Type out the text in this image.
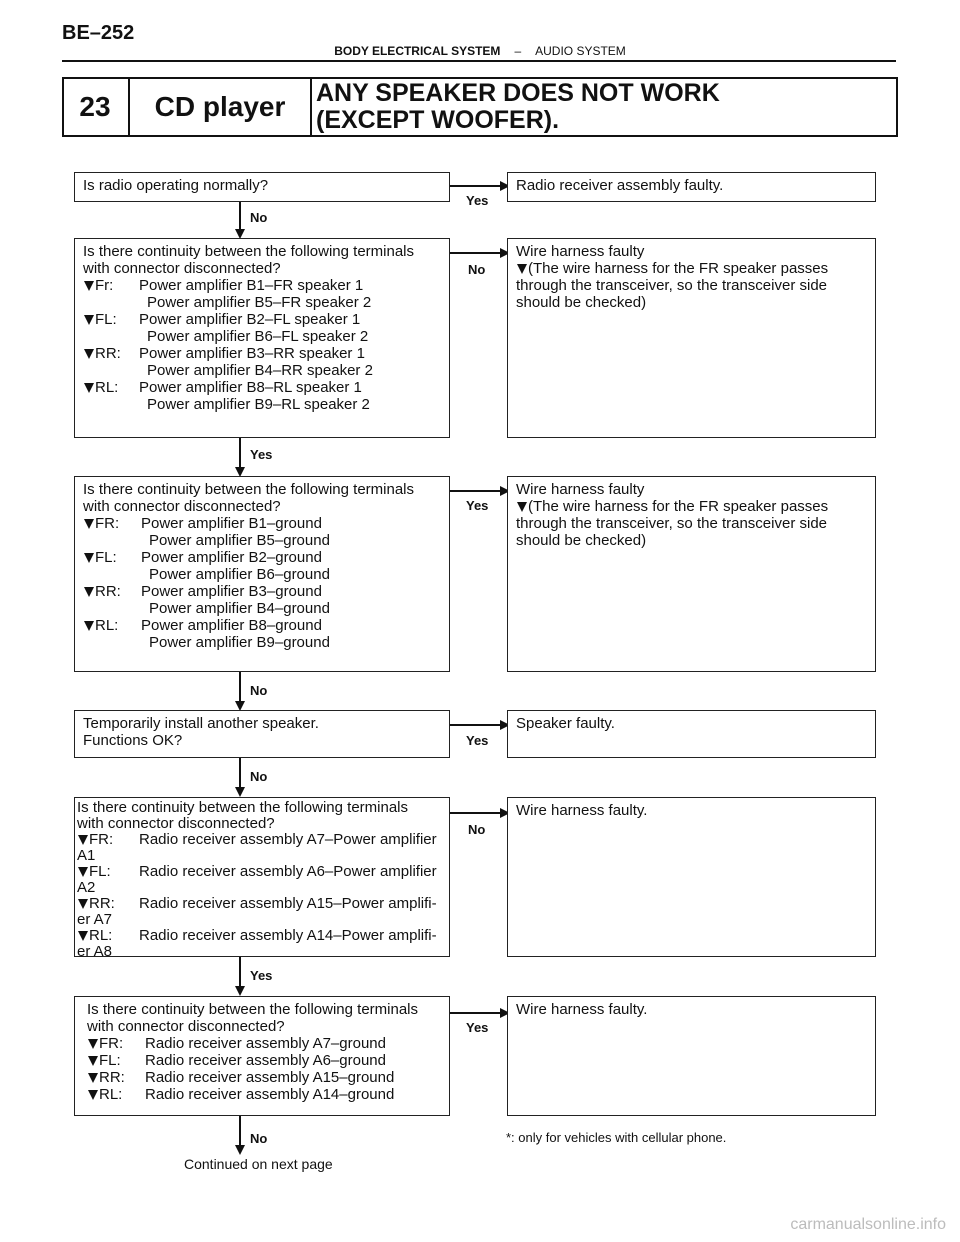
BE–252
BODY ELECTRICAL SYSTEM – AUDIO SYSTEM
23	CD player	ANY SPEAKER DOES NOT WORK
(EXCEPT WOOFER).
Is radio operating normally?
Yes
Radio receiver assembly faulty.
No
Is there continuity between the following terminals
with connector disconnected?
Fr:	Power amplifier B1–FR speaker 1
Power amplifier B5–FR speaker 2
FL:	Power amplifier B2–FL speaker 1
Power amplifier B6–FL speaker 2
RR:	Power amplifier B3–RR speaker 1
Power amplifier B4–RR speaker 2
RL:	Power amplifier B8–RL speaker 1
Power amplifier B9–RL speaker 2
No
Wire harness faulty
(The wire harness for the FR speaker passes
through the transceiver, so the transceiver side
should be checked)
Yes
Is there continuity between the following terminals
with connector disconnected?
FR:	Power amplifier B1–ground
Power amplifier B5–ground
FL:	Power amplifier B2–ground
Power amplifier B6–ground
RR:	Power amplifier B3–ground
Power amplifier B4–ground
RL:	Power amplifier B8–ground
Power amplifier B9–ground
Yes
Wire harness faulty
(The wire harness for the FR speaker passes
through the transceiver, so the transceiver side
should be checked)
No
Temporarily install another speaker.
Functions OK?	Yes
Speaker faulty.
No
Is there continuity between the following terminals
with connector disconnected?
FR:	Radio receiver assembly A7–Power amplifier
A1
FL:	Radio receiver assembly A6–Power amplifier
A2
RR:	Radio receiver assembly A15–Power amplifi-
er A7
RL:	Radio receiver assembly A14–Power amplifi-
er A8
No
Wire harness faulty.
Yes
Is there continuity between the following terminals
with connector disconnected?
FR:	Radio receiver assembly A7–ground
FL:	Radio receiver assembly A6–ground
RR:	Radio receiver assembly A15–ground
RL:	Radio receiver assembly A14–ground
Yes
Wire harness faulty.
No	*: only for vehicles with cellular phone.
Continued on next page
carmanualsonline.info
